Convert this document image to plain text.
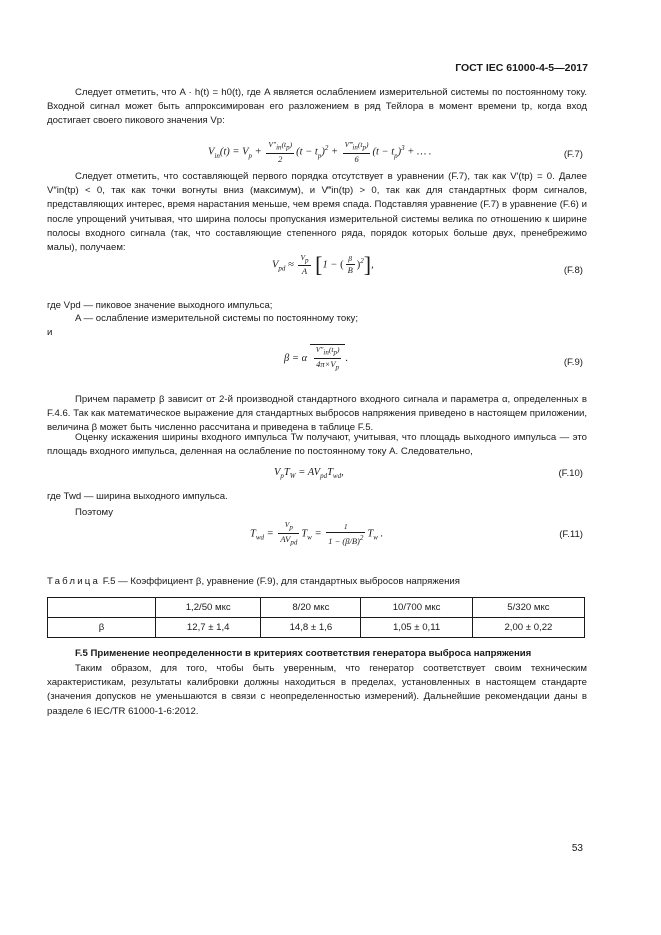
ГОСТ IEC 61000-4-5—2017
Следует отметить, что A · h(t) = h0(t), где A является ослаблением измерительной системы по постоянному току. Входной сигнал может быть аппроксимирован его разложением в ряд Тейлора в момент времени tp, когда вход достигает своего пикового значения Vp:
$V_{in}(t) = V_p + \frac{V''_{in}(t_p)}{2} (t - t_p)^2 + \frac{V‴_{in}(t_p)}{6} (t - t_p)^3$ + … .	(F.7)
Следует отметить, что составляющей первого порядка отсутствует в уравнении (F.7), так как V′(tp) = 0. Далее V″in(tp) < 0, так как точки вогнуты вниз (максимум), и V‴in(tp) > 0, так как для стандартных форм сигналов, представляющих интерес, время нарастания меньше, чем время спада. Подставляя уравнение (F.7) в уравнение (F.6) и после упрощений учитывая, что ширина полосы пропускания измерительной системы велика по отношению к ширине полосы входного сигнала (так, что составляющие степенного ряда, порядок которых больше двух, пренебрежимо малы), получаем:
$V_{pd} \approx \frac{V_p}{A} [1$ − ( $\frac{\beta}{B} )^2$],
(F.8)
где Vpd — пиковое значение выходного импульса;
A — ослабление измерительной системы по постоянному току;
и
β = α $\frac{V''_{in}(t_p)}{4\pi\times V_p}$ .	(F.9)
Причем параметр β зависит от 2-й производной стандартного входного сигнала и параметра α, определенных в F.4.6. Так как математическое выражение для стандартных выбросов напряжения приведено в настоящем приложении, величина β может быть численно рассчитана и приведена в таблице F.5.
Оценку искажения ширины входного импульса Tw получают, учитывая, что площадь выходного импульса — это площадь входного импульса, деленная на ослабление по постоянному току A. Следовательно,
$V_pT_W = AV_{pd}T_{wd}$,	(F.10)
где Twd — ширина выходного импульса.
Поэтому
$T_{wd} = \frac{V_p}{AV_{pd}} T_w = \frac{1}{1 - (\beta/B)^2} T_w$ .	(F.11)
Таблица F.5 — Коэффициент β, уравнение (F.9), для стандартных выбросов напряжения
	1,2/50 мкс	8/20 мкс	10/700 мкс	5/320 мкс
β	12,7 ± 1,4	14,8 ± 1,6	1,05 ± 0,11	2,00 ± 0,22
F.5 Применение неопределенности в критериях соответствия генератора выброса напряжения
Таким образом, для того, чтобы быть уверенным, что генератор соответствует своим техническим характеристикам, результаты калибровки должны находиться в пределах, установленных в настоящем стандарте (значения допусков не уменьшаются в связи с неопределенностью измерений). Дальнейшие рекомендации даны в разделе 6 IEC/TR 61000-1-6:2012.
53
